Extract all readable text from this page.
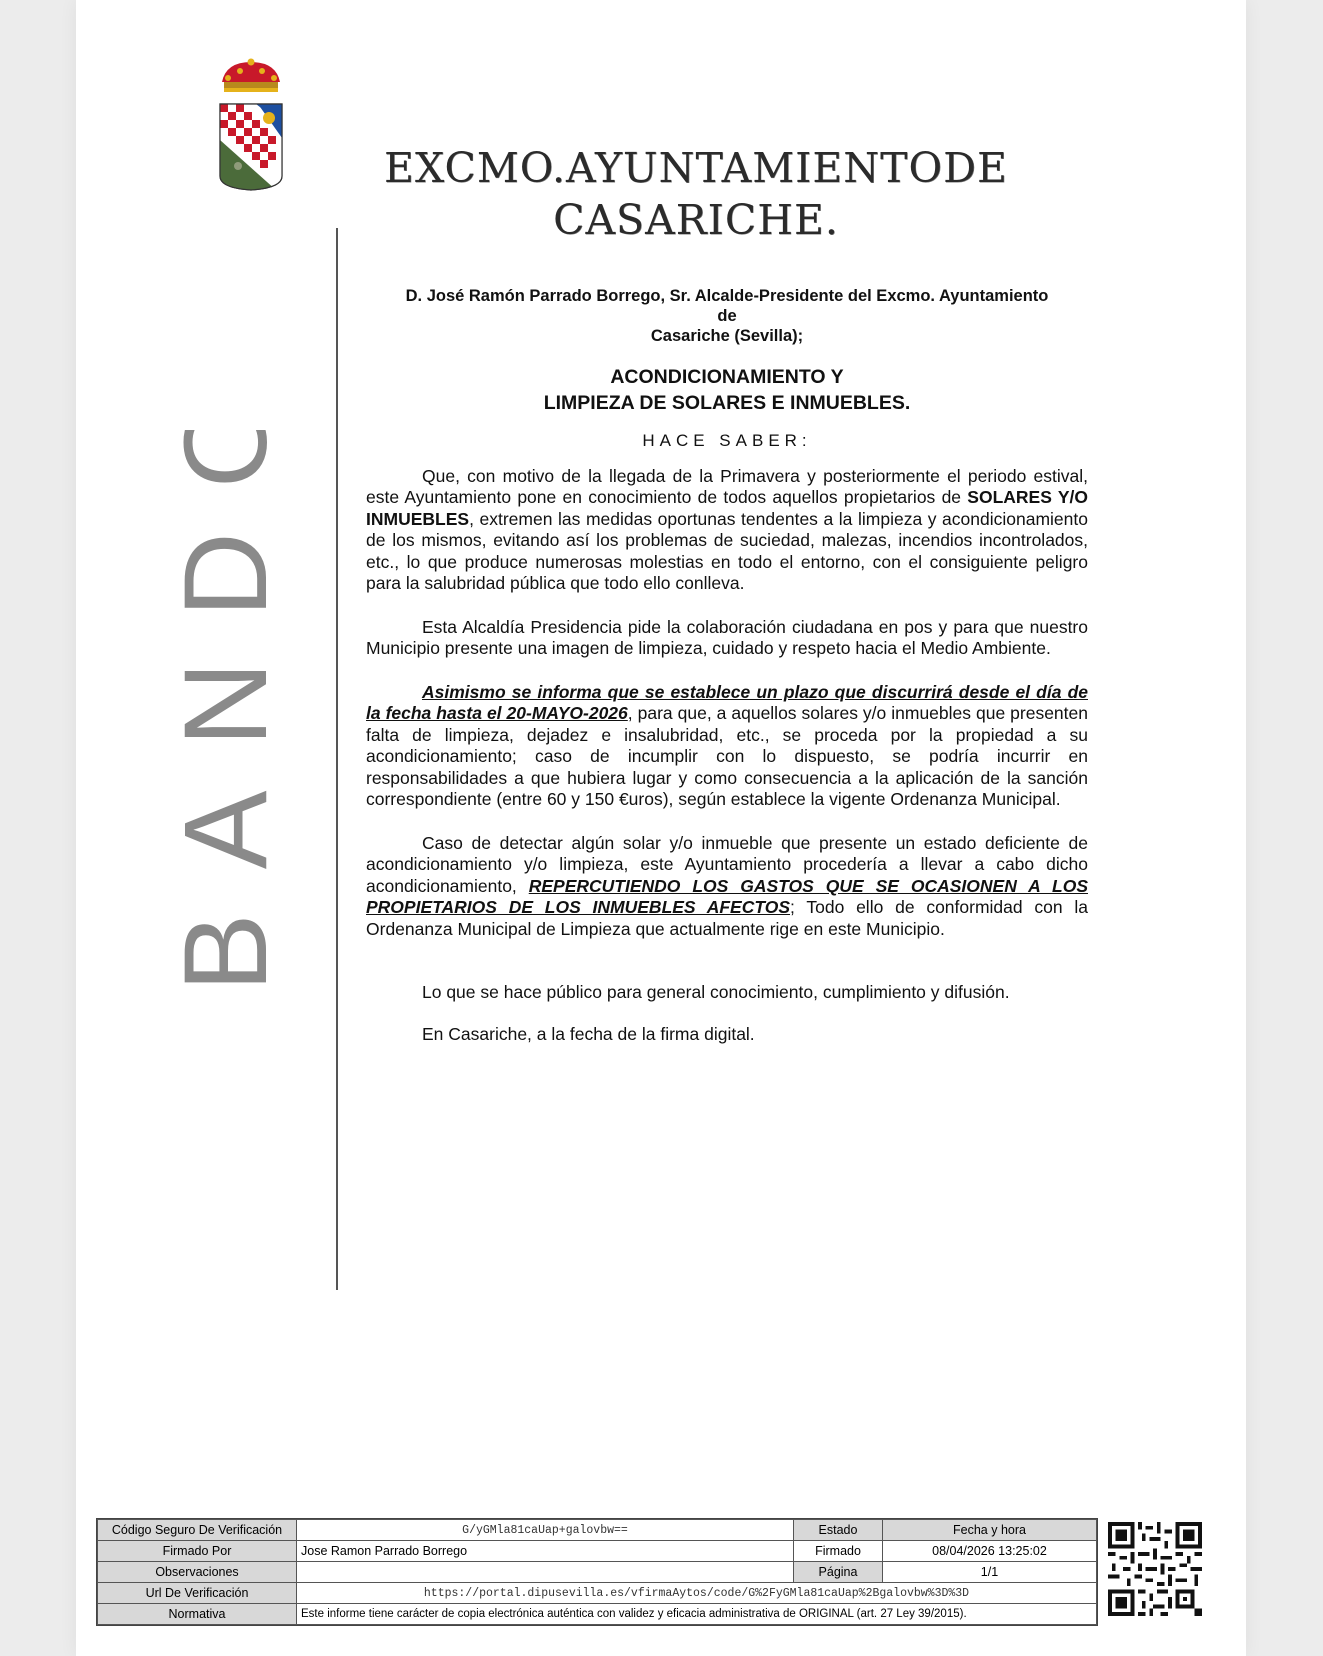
EXCMO.AYUNTAMIENTODE
CASARICHE.
BANDO
D. José Ramón Parrado Borrego, Sr. Alcalde-Presidente del Excmo. Ayuntamiento
de
Casariche (Sevilla);
ACONDICIONAMIENTO Y
LIMPIEZA DE SOLARES E INMUEBLES.
HACE SABER:

Que, con motivo de la llegada de la Primavera y posteriormente el periodo estival, este Ayuntamiento pone en conocimiento de todos aquellos propietarios de SOLARES Y/O INMUEBLES, extremen las medidas oportunas tendentes a la limpieza y acondicionamiento de los mismos, evitando así los problemas de suciedad, malezas, incendios incontrolados, etc., lo que produce numerosas molestias en todo el entorno, con el consiguiente peligro para la salubridad pública que todo ello conlleva.

Esta Alcaldía Presidencia pide la colaboración ciudadana en pos y para que nuestro Municipio presente una imagen de limpieza, cuidado y respeto hacia el Medio Ambiente.

Asimismo se informa que se establece un plazo que discurrirá desde el día de la fecha hasta el 20-MAYO-2026, para que, a aquellos solares y/o inmuebles que presenten falta de limpieza, dejadez e insalubridad, etc., se proceda por la propiedad a su acondicionamiento; caso de incumplir con lo dispuesto, se podría incurrir en responsabilidades a que hubiera lugar y como consecuencia a la aplicación de la sanción correspondiente (entre 60 y 150 €uros), según establece la vigente Ordenanza Municipal.

Caso de detectar algún solar y/o inmueble que presente un estado deficiente de acondicionamiento y/o limpieza, este Ayuntamiento procedería a llevar a cabo dicho acondicionamiento, REPERCUTIENDO LOS GASTOS QUE SE OCASIONEN A LOS PROPIETARIOS DE LOS INMUEBLES AFECTOS; Todo ello de conformidad con la Ordenanza Municipal de Limpieza que actualmente rige en este Municipio.

Lo que se hace público para general conocimiento, cumplimiento y difusión.

En Casariche, a la fecha de la firma digital.

Código Seguro De Verificación	G/yGMla81caUap+galovbw==	Estado	Fecha y hora
Firmado Por	Jose Ramon Parrado Borrego	Firmado	08/04/2026 13:25:02
Observaciones		Página	1/1
Url De Verificación	https://portal.dipusevilla.es/vfirmaAytos/code/G%2FyGMla81caUap%2Bgalovbw%3D%3D		
Normativa	Este informe tiene carácter de copia electrónica auténtica con validez y eficacia administrativa de ORIGINAL (art. 27 Ley 39/2015).		
